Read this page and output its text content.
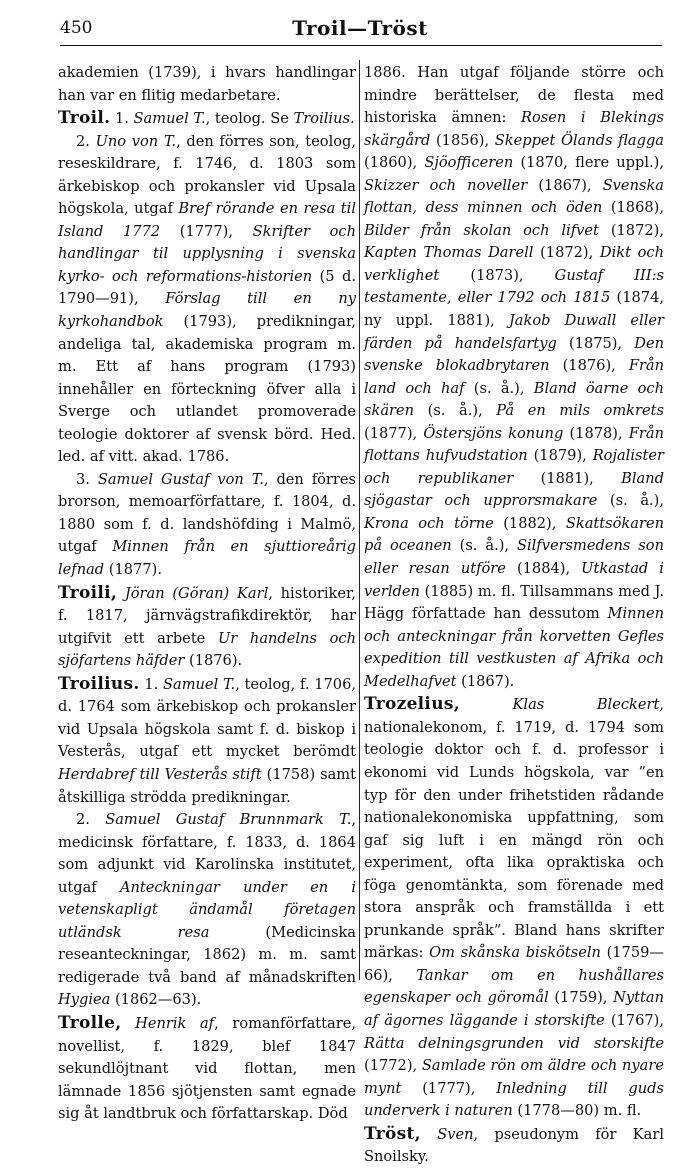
450	Troil—Tröst

akademien (1739), i hvars handlingar han var en flitig medarbetare.

Troil. 1. Samuel T., teolog. Se Troilius.

2. Uno von T., den förres son, teolog, reseskildrare, f. 1746, d. 1803 som ärkebiskop och prokansler vid Upsala högskola, utgaf Bref rörande en resa til Island 1772 (1777), Skrifter och handlingar til upplysning i svenska kyrko- och reformations-historien (5 d. 1790—91), Förslag till en ny kyrkohandbok (1793), predikningar, andeliga tal, akademiska program m. m. Ett af hans program (1793) innehåller en förteckning öfver alla i Sverge och utlandet promoverade teologie doktorer af svensk börd. Hed. led. af vitt. akad. 1786.

3. Samuel Gustaf von T., den förres brorson, memoarförfattare, f. 1804, d. 1880 som f. d. landshöfding i Malmö, utgaf Minnen från en sjuttioreårig lefnad (1877).

Troili, Jöran (Göran) Karl, historiker, f. 1817, järnvägstrafikdirektör, har utgifvit ett arbete Ur handelns och sjöfartens häfder (1876).

Troilius. 1. Samuel T., teolog, f. 1706, d. 1764 som ärkebiskop och prokansler vid Upsala högskola samt f. d. biskop i Vesterås, utgaf ett mycket berömdt Herdabref till Vesterås stift (1758) samt åtskilliga strödda predikningar.

2. Samuel Gustaf Brunnmark T., medicinsk författare, f. 1833, d. 1864 som adjunkt vid Karolinska institutet, utgaf Anteckningar under en i vetenskapligt ändamål företagen utländsk resa (Medicinska reseanteckningar, 1862) m. m. samt redigerade två band af månadskriften Hygiea (1862—63).

Trolle, Henrik af, romanförfattare, novellist, f. 1829, blef 1847 sekundlöjtnant vid flottan, men lämnade 1856 sjötjensten samt egnade sig åt landtbruk och författarskap. Död

1886. Han utgaf följande större och mindre berättelser, de flesta med historiska ämnen: Rosen i Blekings skärgård (1856), Skeppet Ölands flagga (1860), Sjöofficeren (1870, flere uppl.), Skizzer och noveller (1867), Svenska flottan, dess minnen och öden (1868), Bilder från skolan och lifvet (1872), Kapten Thomas Darell (1872), Dikt och verklighet (1873), Gustaf III:s testamente, eller 1792 och 1815 (1874, ny uppl. 1881), Jakob Duwall eller färden på handelsfartyg (1875), Den svenske blokadbrytaren (1876), Från land och haf (s. å.), Bland öarne och skären (s. å.), På en mils omkrets (1877), Östersjöns konung (1878), Från flottans hufvudstation (1879), Rojalister och republikaner (1881), Bland sjögastar och upprorsmakare (s. å.), Krona och törne (1882), Skattsökaren på oceanen (s. å.), Silfversmedens son eller resan utföre (1884), Utkastad i verlden (1885) m. fl. Tillsammans med J. Hägg författade han dessutom Minnen och anteckningar från korvetten Gefles expedition till vestkusten af Afrika och Medelhafvet (1867).

Trozelius,	Klas Bleckert, nationalekonom, f. 1719, d. 1794 som teologie doktor och f. d. professor i ekonomi vid Lunds högskola, var ”en typ för den under frihetstiden rådande nationalekonomiska uppfattning, som gaf sig luft i en mängd rön och experiment, ofta lika opraktiska och föga genomtänkta, som förenade med stora anspråk och framställda i ett prunkande språk”. Bland hans skrifter märkas: Om skånska biskötseln (1759—66), Tankar om en hushållares egenskaper och göromål (1759), Nyttan af ägornes läggande i storskifte (1767), Rätta delningsgrunden vid storskifte (1772), Samlade rön om äldre och nyare mynt (1777), Inledning till guds underverk i naturen (1778—80) m. fl.

Tröst, Sven, pseudonym för Karl Snoilsky.
